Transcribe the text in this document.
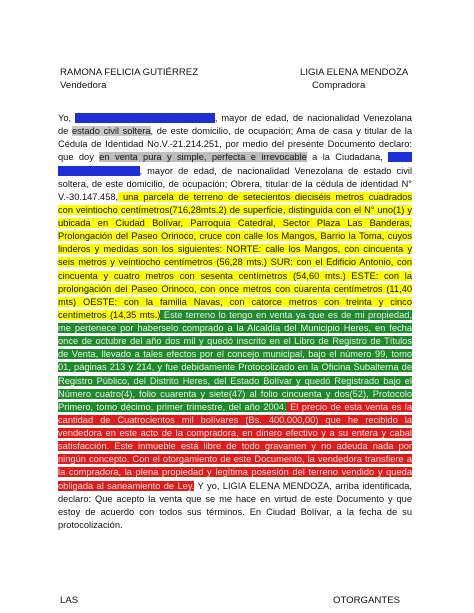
RAMONA FELICIA GUTIÉRREZ	LIGIA ELENA MENDOZA
Vendedora	Compradora

Yo, ROSALBA FELICIA GUTIÉRREZ, mayor de edad, de nacionalidad Venezolana de estado civil soltera, de este domicilio, de ocupación; Ama de casa y titular de la Cédula de Identidad No.V.-21.214.251, por medio del presente Documento declaro: que doy en venta pura y simple, perfecta e irrevocable a la Ciudadana, LIGIA ELENA MENDOZA, mayor de edad, de nacionalidad Venezolana de estado civil soltera, de este domicilio, de ocupación; Obrera, titular de la cédula de identidad N° V.-30.147.458, una parcela de terreno de setecientos dieciséis metros cuadrados con veintiocho centímetros(716,28mts.2) de superficie, distinguida con el N° uno(1) y ubicada en Ciudad Bolívar, Parroquia Catedral, Sector Plaza Las Banderas, Prolongación del Paseo Orinoco, cruce con calle los Mangos, Barrio la Toma, cuyos linderos y medidas son los siguientes: NORTE: calle los Mangos, con cincuenta y seis metros y veintiocho centímetros (56,28 mts.) SUR: con el Edificio Antonio, con cincuenta y cuatro metros con sesenta centímetros (54,60 mts.) ESTE: con la prolongación del Paseo Orinoco, con once metros con cuarenta centímetros (11,40 mts) OESTE: con la familia Navas, con catorce metros con treinta y cinco centímetros (14,35 mts.) Este terreno lo tengo en venta ya que es de mi propiedad, me pertenece por haberselo comprado a la Alcaldía del Municipio Heres, en fecha once de octubre del año dos mil y quedó inscrito en el Libro de Registro de Títulos de Venta, llevado a tales efectos por el concejo municipal, bajo el número 99, tomo 01, páginas 213 y 214, y fue debidamente Protocolizado en la Oficina Subalterna de Registro Público, del Distrito Heres, del Estado Bolívar y quedó Registrado bajo el Número cuatro(4), folio cuarenta y siete(47) al folio cincuenta y dos(52), Protocolo Primero, tomo décimo, primer trimestre, del año 2004. El precio de esta venta es la cantidad de Cuatrocientos mil bolívares (Bs. 400.000,00) que he recibido la vendedora en este acto de la compradora, en dinero efectivo y a su entera y cabal satisfacción. Este inmueble está libre de todo gravamen y no adeuda nada por ningún concepto. Con el otorgamiento de este Documento, la vendedora transfiere a la compradora, la plena propiedad y legítima posesión del terreno vendido y queda obligada al saneamiento de Ley. Y yo, LIGIA ELENA MENDOZA, arriba identificada, declaro: Que acepto la venta que se me hace en virtud de este Documento y que estoy de acuerdo con todos sus términos. En Ciudad Bolívar, a la fecha de su protocolización.

LAS	OTORGANTES
